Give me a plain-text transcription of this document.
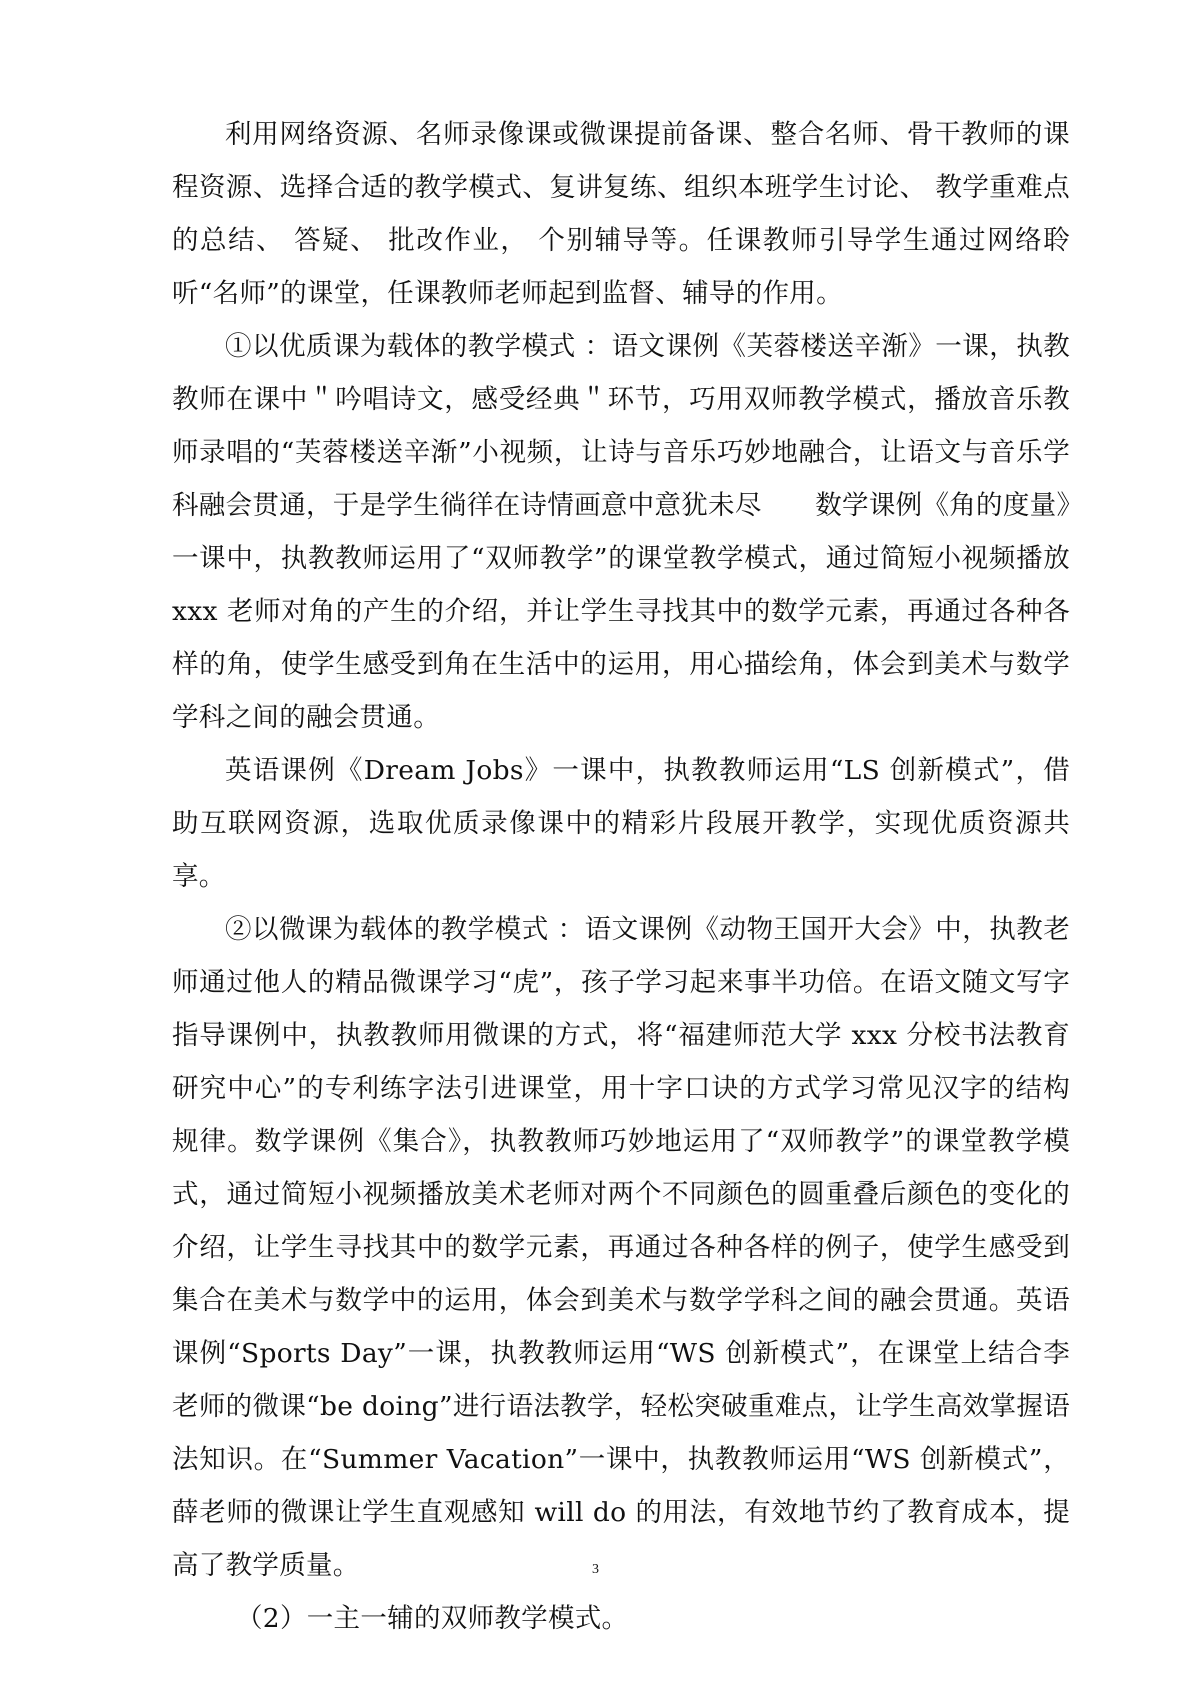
利用网络资源、名师录像课或微课提前备课、整合名师、骨干教师的课程资源、选择合适的教学模式、复讲复练、组织本班学生讨论、 教学重难点的总结、 答疑、 批改作业， 个别辅导等。任课教师引导学生通过网络聆听“名师”的课堂，任课教师老师起到监督、辅导的作用。

①以优质课为载体的教学模式 ：语文课例《芙蓉楼送辛渐》一课，执教教师在课中＂吟唱诗文，感受经典＂环节，巧用双师教学模式，播放音乐教师录唱的“芙蓉楼送辛渐”小视频，让诗与音乐巧妙地融合，让语文与音乐学科融会贯通，于是学生徜徉在诗情画意中意犹未尽　　数学课例《角的度量》一课中，执教教师运用了“双师教学”的课堂教学模式，通过简短小视频播放 xxx 老师对角的产生的介绍，并让学生寻找其中的数学元素，再通过各种各样的角，使学生感受到角在生活中的运用，用心描绘角，体会到美术与数学学科之间的融会贯通。

英语课例《Dream Jobs》一课中，执教教师运用“LS 创新模式”，借助互联网资源，选取优质录像课中的精彩片段展开教学，实现优质资源共享。

②以微课为载体的教学模式 ：语文课例《动物王国开大会》中，执教老师通过他人的精品微课学习“虎”，孩子学习起来事半功倍。在语文随文写字指导课例中，执教教师用微课的方式，将“福建师范大学 xxx 分校书法教育研究中心”的专利练字法引进课堂，用十字口诀的方式学习常见汉字的结构规律。数学课例《集合》，执教教师巧妙地运用了“双师教学”的课堂教学模式，通过简短小视频播放美术老师对两个不同颜色的圆重叠后颜色的变化的介绍，让学生寻找其中的数学元素，再通过各种各样的例子，使学生感受到集合在美术与数学中的运用，体会到美术与数学学科之间的融会贯通。英语课例“Sports Day”一课，执教教师运用“WS 创新模式”，在课堂上结合李老师的微课“be doing”进行语法教学，轻松突破重难点，让学生高效掌握语法知识。在“Summer Vacation”一课中，执教教师运用“WS 创新模式”，薛老师的微课让学生直观感知 will do 的用法，有效地节约了教育成本，提高了教学质量。

（2）一主一辅的双师教学模式。

3
